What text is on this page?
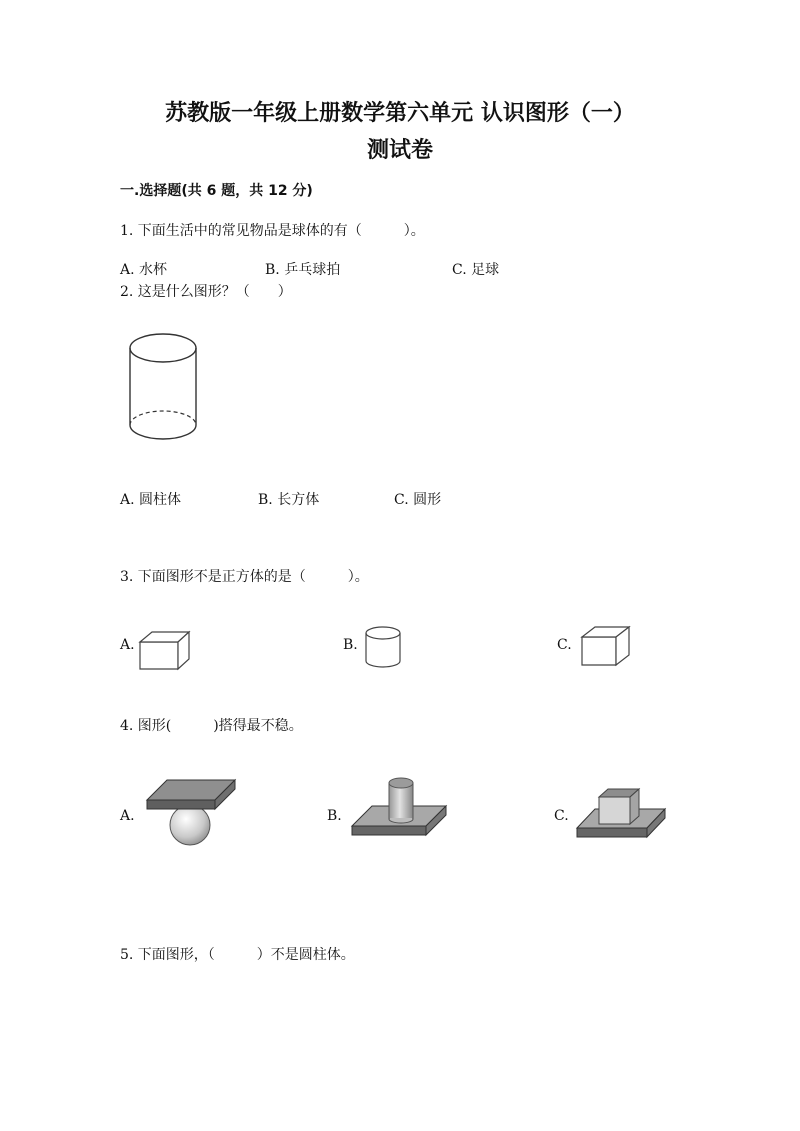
苏教版一年级上册数学第六单元 认识图形（一）
测试卷
一.选择题(共 6 题，共 12 分)
1. 下面生活中的常见物品是球体的有（　　　）。
A. 水杯	B. 乒乓球拍	C. 足球
2. 这是什么图形？（　　）
A. 圆柱体	B. 长方体	C. 圆形
3. 下面图形不是正方体的是（　　　）。
A.	B.	C.
4. 图形(　　　)搭得最不稳。
A.	B.	C.
5. 下面图形，（　　　）不是圆柱体。
